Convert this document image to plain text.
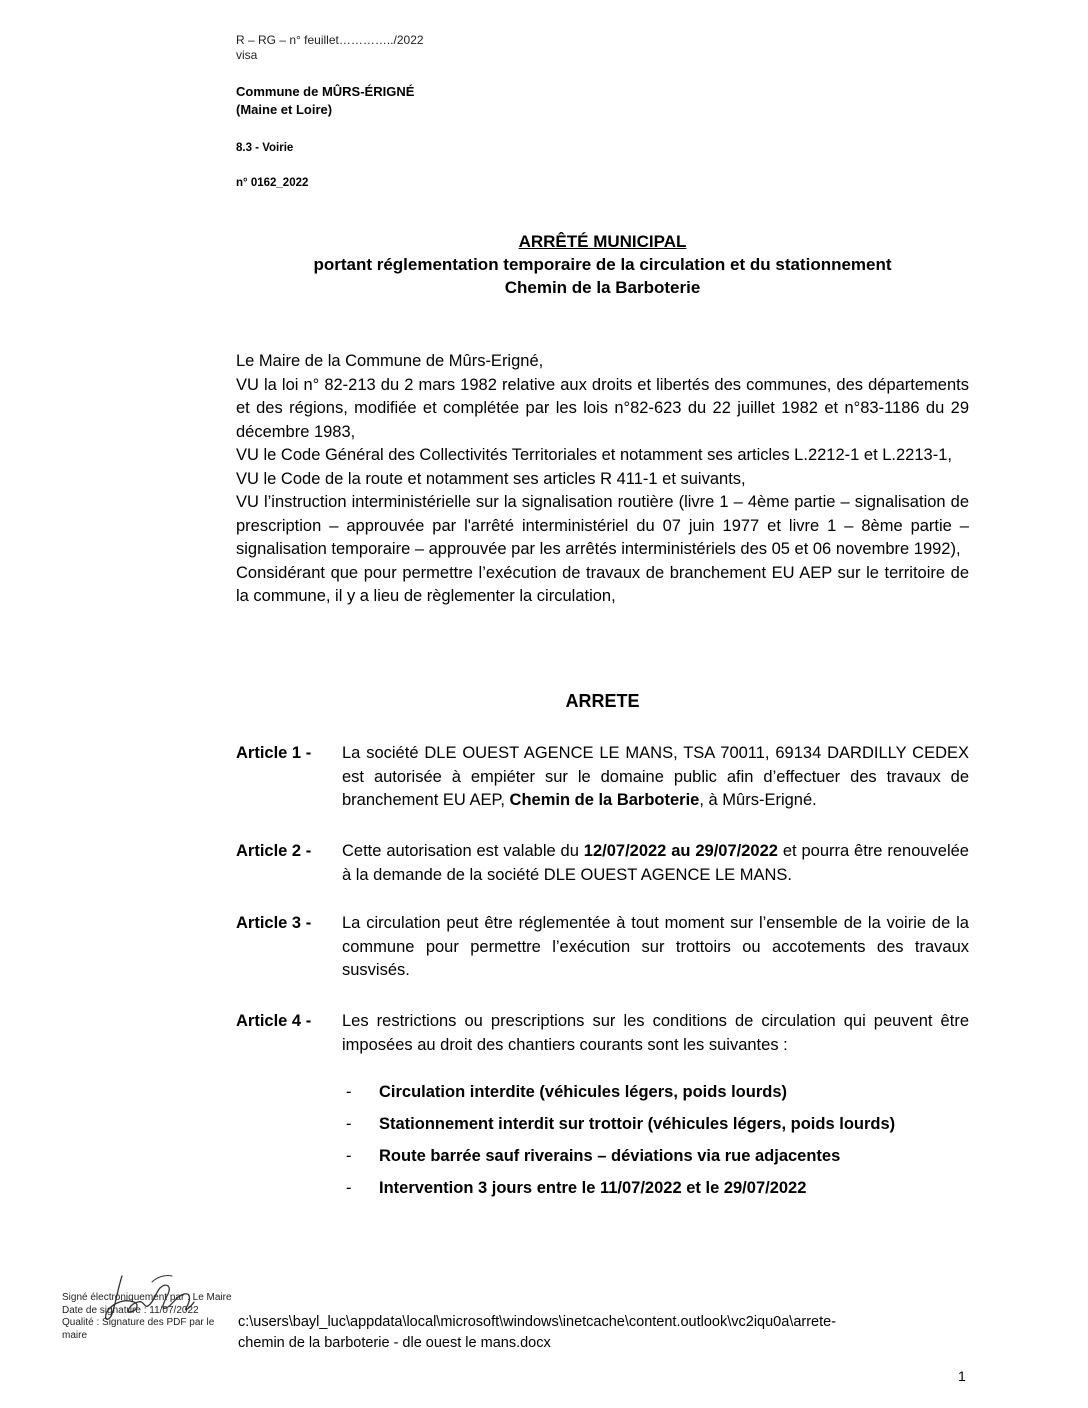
R – RG – n° feuillet…………../2022
visa
Commune de MÛRS-ÉRIGNÉ
(Maine et Loire)
8.3 - Voirie
n° 0162_2022
ARRÊTÉ MUNICIPAL
portant réglementation temporaire de la circulation et du stationnement
Chemin de la Barboterie

Le Maire de la Commune de Mûrs-Erigné,

VU la loi n° 82-213 du 2 mars 1982 relative aux droits et libertés des communes, des départements et des régions, modifiée et complétée par les lois n°82-623 du 22 juillet 1982 et n°83-1186 du 29 décembre 1983,

VU le Code Général des Collectivités Territoriales et notamment ses articles L.2212-1 et L.2213-1,

VU le Code de la route et notamment ses articles R 411-1 et suivants,

VU l’instruction interministérielle sur la signalisation routière (livre 1 – 4ème partie – signalisation de prescription – approuvée par l'arrêté interministériel du 07 juin 1977 et livre 1 – 8ème partie – signalisation temporaire – approuvée par les arrêtés interministériels des 05 et 06 novembre 1992),

Considérant que pour permettre l’exécution de travaux de branchement EU AEP sur le territoire de la commune, il y a lieu de règlementer la circulation,

ARRETE
Article 1 -	La société DLE OUEST AGENCE LE MANS, TSA 70011, 69134 DARDILLY CEDEX est autorisée à empiéter sur le domaine public afin d’effectuer des travaux de branchement EU AEP, Chemin de la Barboterie, à Mûrs-Erigné.
Article 2 -	Cette autorisation est valable du 12/07/2022 au 29/07/2022 et pourra être renouvelée à la demande de la société DLE OUEST AGENCE LE MANS.
Article 3 -	La circulation peut être réglementée à tout moment sur l’ensemble de la voirie de la commune pour permettre l’exécution sur trottoirs ou accotements des travaux susvisés.
Article 4 -	Les restrictions ou prescriptions sur les conditions de circulation qui peuvent être imposées au droit des chantiers courants sont les suivantes :
- Circulation interdite (véhicules légers, poids lourds)
- Stationnement interdit sur trottoir (véhicules légers, poids lourds)
- Route barrée sauf riverains – déviations via rue adjacentes
- Intervention 3 jours entre le 11/07/2022 et le 29/07/2022
Signé électroniquement par : Le Maire
Date de signature : 11/07/2022
Qualité : Signature des PDF par le maire
c:\users\bayl_luc\appdata\local\microsoft\windows\inetcache\content.outlook\vc2iqu0a\arrete-
chemin de la barboterie - dle ouest le mans.docx
1
